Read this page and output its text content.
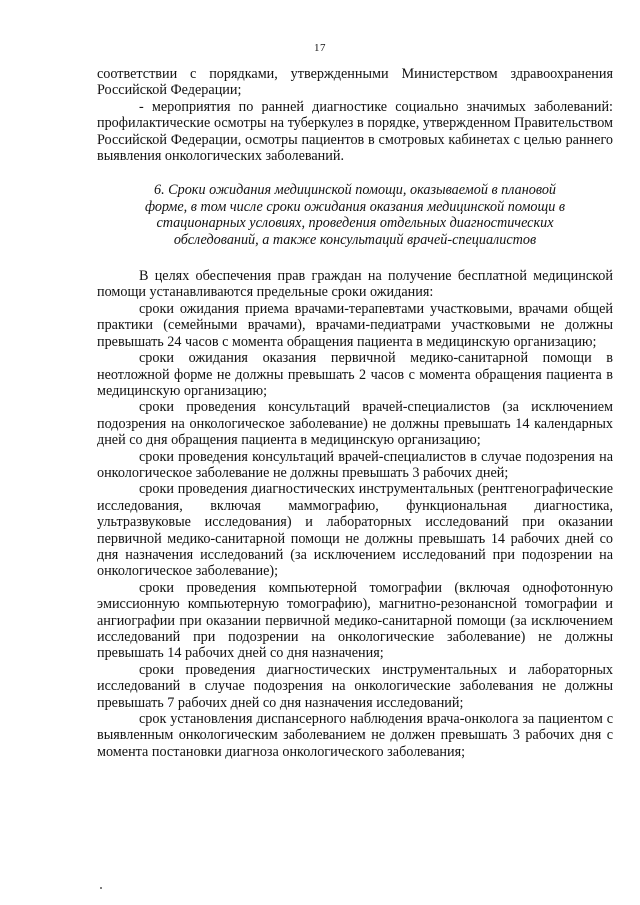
17

соответствии с порядками, утвержденными Министерством здравоохранения Российской Федерации;

- мероприятия по ранней диагностике социально значимых заболеваний: профилактические осмотры на туберкулез в порядке, утвержденном Правительством Российской Федерации, осмотры пациентов в смотровых кабинетах с целью раннего выявления онкологических заболеваний.

6. Сроки ожидания медицинской помощи, оказываемой в плановой форме, в том числе сроки ожидания оказания медицинской помощи в стационарных условиях, проведения отдельных диагностических обследований, а также консультаций врачей-специалистов

В целях обеспечения прав граждан на получение бесплатной медицинской помощи устанавливаются предельные сроки ожидания:

сроки ожидания приема врачами-терапевтами участковыми, врачами общей практики (семейными врачами), врачами-педиатрами участковыми не должны превышать 24 часов с момента обращения пациента в медицинскую организацию;

сроки ожидания оказания первичной медико-санитарной помощи в неотложной форме не должны превышать 2 часов с момента обращения пациента в медицинскую организацию;

сроки проведения консультаций врачей-специалистов (за исключением подозрения на онкологическое заболевание) не должны превышать 14 календарных дней со дня обращения пациента в медицинскую организацию;

сроки проведения консультаций врачей-специалистов в случае подозрения на онкологическое заболевание не должны превышать 3 рабочих дней;

сроки проведения диагностических инструментальных (рентгенографические исследования, включая маммографию, функциональная диагностика, ультразвуковые исследования) и лабораторных исследований при оказании первичной медико-санитарной помощи не должны превышать 14 рабочих дней со дня назначения исследований (за исключением исследований при подозрении на онкологическое заболевание);

сроки проведения компьютерной томографии (включая однофотонную эмиссионную компьютерную томографию), магнитно-резонансной томографии и ангиографии при оказании первичной медико-санитарной помощи (за исключением исследований при подозрении на онкологические заболевание) не должны превышать 14 рабочих дней со дня назначения;

сроки проведения диагностических инструментальных и лабораторных исследований в случае подозрения на онкологические заболевания не должны превышать 7 рабочих дней со дня назначения исследований;

срок установления диспансерного наблюдения врача-онколога за пациентом с выявленным онкологическим заболеванием не должен превышать 3 рабочих дня с момента постановки диагноза онкологического заболевания;
